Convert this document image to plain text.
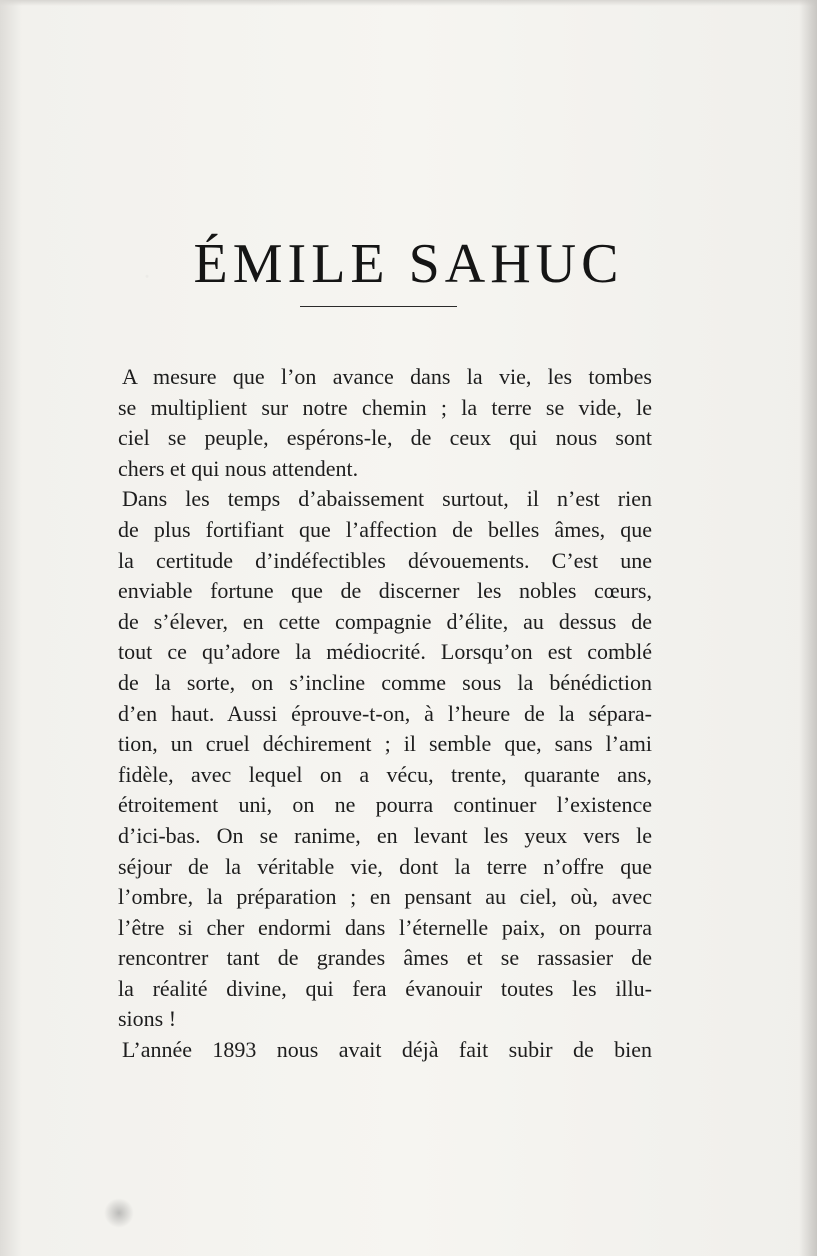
ÉMILE SAHUC
A mesure que l’on avance dans la vie, les tombes
se multiplient sur notre chemin ; la terre se vide, le
ciel se peuple, espérons-le, de ceux qui nous sont
chers et qui nous attendent.
Dans les temps d’abaissement surtout, il n’est rien
de plus fortifiant que l’affection de belles âmes, que
la certitude d’indéfectibles dévouements. C’est une
enviable fortune que de discerner les nobles cœurs,
de s’élever, en cette compagnie d’élite, au dessus de
tout ce qu’adore la médiocrité. Lorsqu’on est comblé
de la sorte, on s’incline comme sous la bénédiction
d’en haut. Aussi éprouve-t-on, à l’heure de la sépara-
tion, un cruel déchirement ; il semble que, sans l’ami
fidèle, avec lequel on a vécu, trente, quarante ans,
étroitement uni, on ne pourra continuer l’existence
d’ici-bas. On se ranime, en levant les yeux vers le
séjour de la véritable vie, dont la terre n’offre que
l’ombre, la préparation ; en pensant au ciel, où, avec
l’être si cher endormi dans l’éternelle paix, on pourra
rencontrer tant de grandes âmes et se rassasier de
la réalité divine, qui fera évanouir toutes les illu-
sions !
L’année 1893 nous avait déjà fait subir de bien
